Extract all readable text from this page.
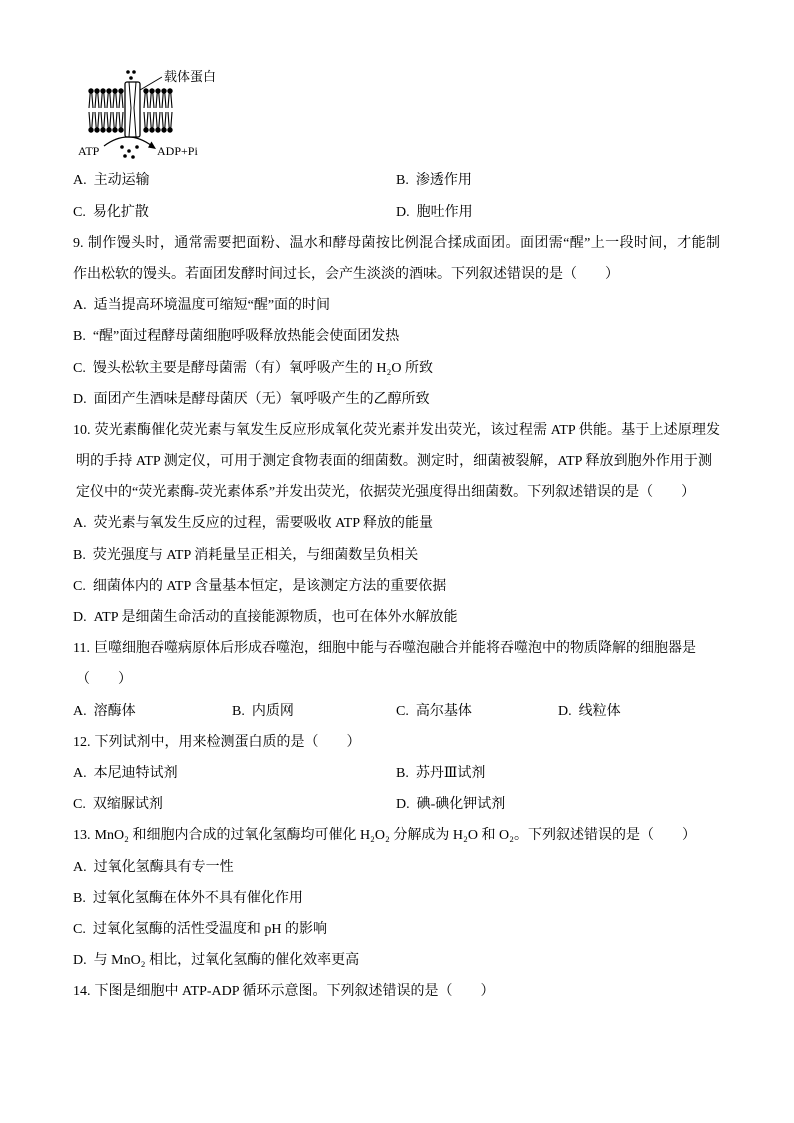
载体蛋白
ATP	ADP+Pi
A. 主动运输	B. 渗透作用
C. 易化扩散	D. 胞吐作用
9. 制作馒头时，通常需要把面粉、温水和酵母菌按比例混合揉成面团。面团需“醒”上一段时间，才能制
作出松软的馒头。若面团发酵时间过长，会产生淡淡的酒味。下列叙述错误的是（　　）
A. 适当提高环境温度可缩短“醒”面的时间
B. “醒”面过程酵母菌细胞呼吸释放热能会使面团发热
C. 馒头松软主要是酵母菌需（有）氧呼吸产生的 H₂O 所致
D. 面团产生酒味是酵母菌厌（无）氧呼吸产生的乙醇所致
10. 荧光素酶催化荧光素与氧发生反应形成氧化荧光素并发出荧光，该过程需 ATP 供能。基于上述原理发
明的手持 ATP 测定仪，可用于测定食物表面的细菌数。测定时，细菌被裂解，ATP 释放到胞外作用于测
定仪中的“荧光素酶-荧光素体系”并发出荧光，依据荧光强度得出细菌数。下列叙述错误的是（　　）
A. 荧光素与氧发生反应的过程，需要吸收 ATP 释放的能量
B. 荧光强度与 ATP 消耗量呈正相关，与细菌数呈负相关
C. 细菌体内的 ATP 含量基本恒定，是该测定方法的重要依据
D. ATP 是细菌生命活动的直接能源物质，也可在体外水解放能
11. 巨噬细胞吞噬病原体后形成吞噬泡，细胞中能与吞噬泡融合并能将吞噬泡中的物质降解的细胞器是
（　　）
A. 溶酶体	B. 内质网	C. 高尔基体	D. 线粒体
12. 下列试剂中，用来检测蛋白质的是（　　）
A. 本尼迪特试剂	B. 苏丹Ⅲ试剂
C. 双缩脲试剂	D. 碘-碘化钾试剂
13. MnO₂ 和细胞内合成的过氧化氢酶均可催化 H₂O₂ 分解成为 H₂O 和 O₂。下列叙述错误的是（　　）
A. 过氧化氢酶具有专一性
B. 过氧化氢酶在体外不具有催化作用
C. 过氧化氢酶的活性受温度和 pH 的影响
D. 与 MnO₂ 相比，过氧化氢酶的催化效率更高
14. 下图是细胞中 ATP-ADP 循环示意图。下列叙述错误的是（　　）
